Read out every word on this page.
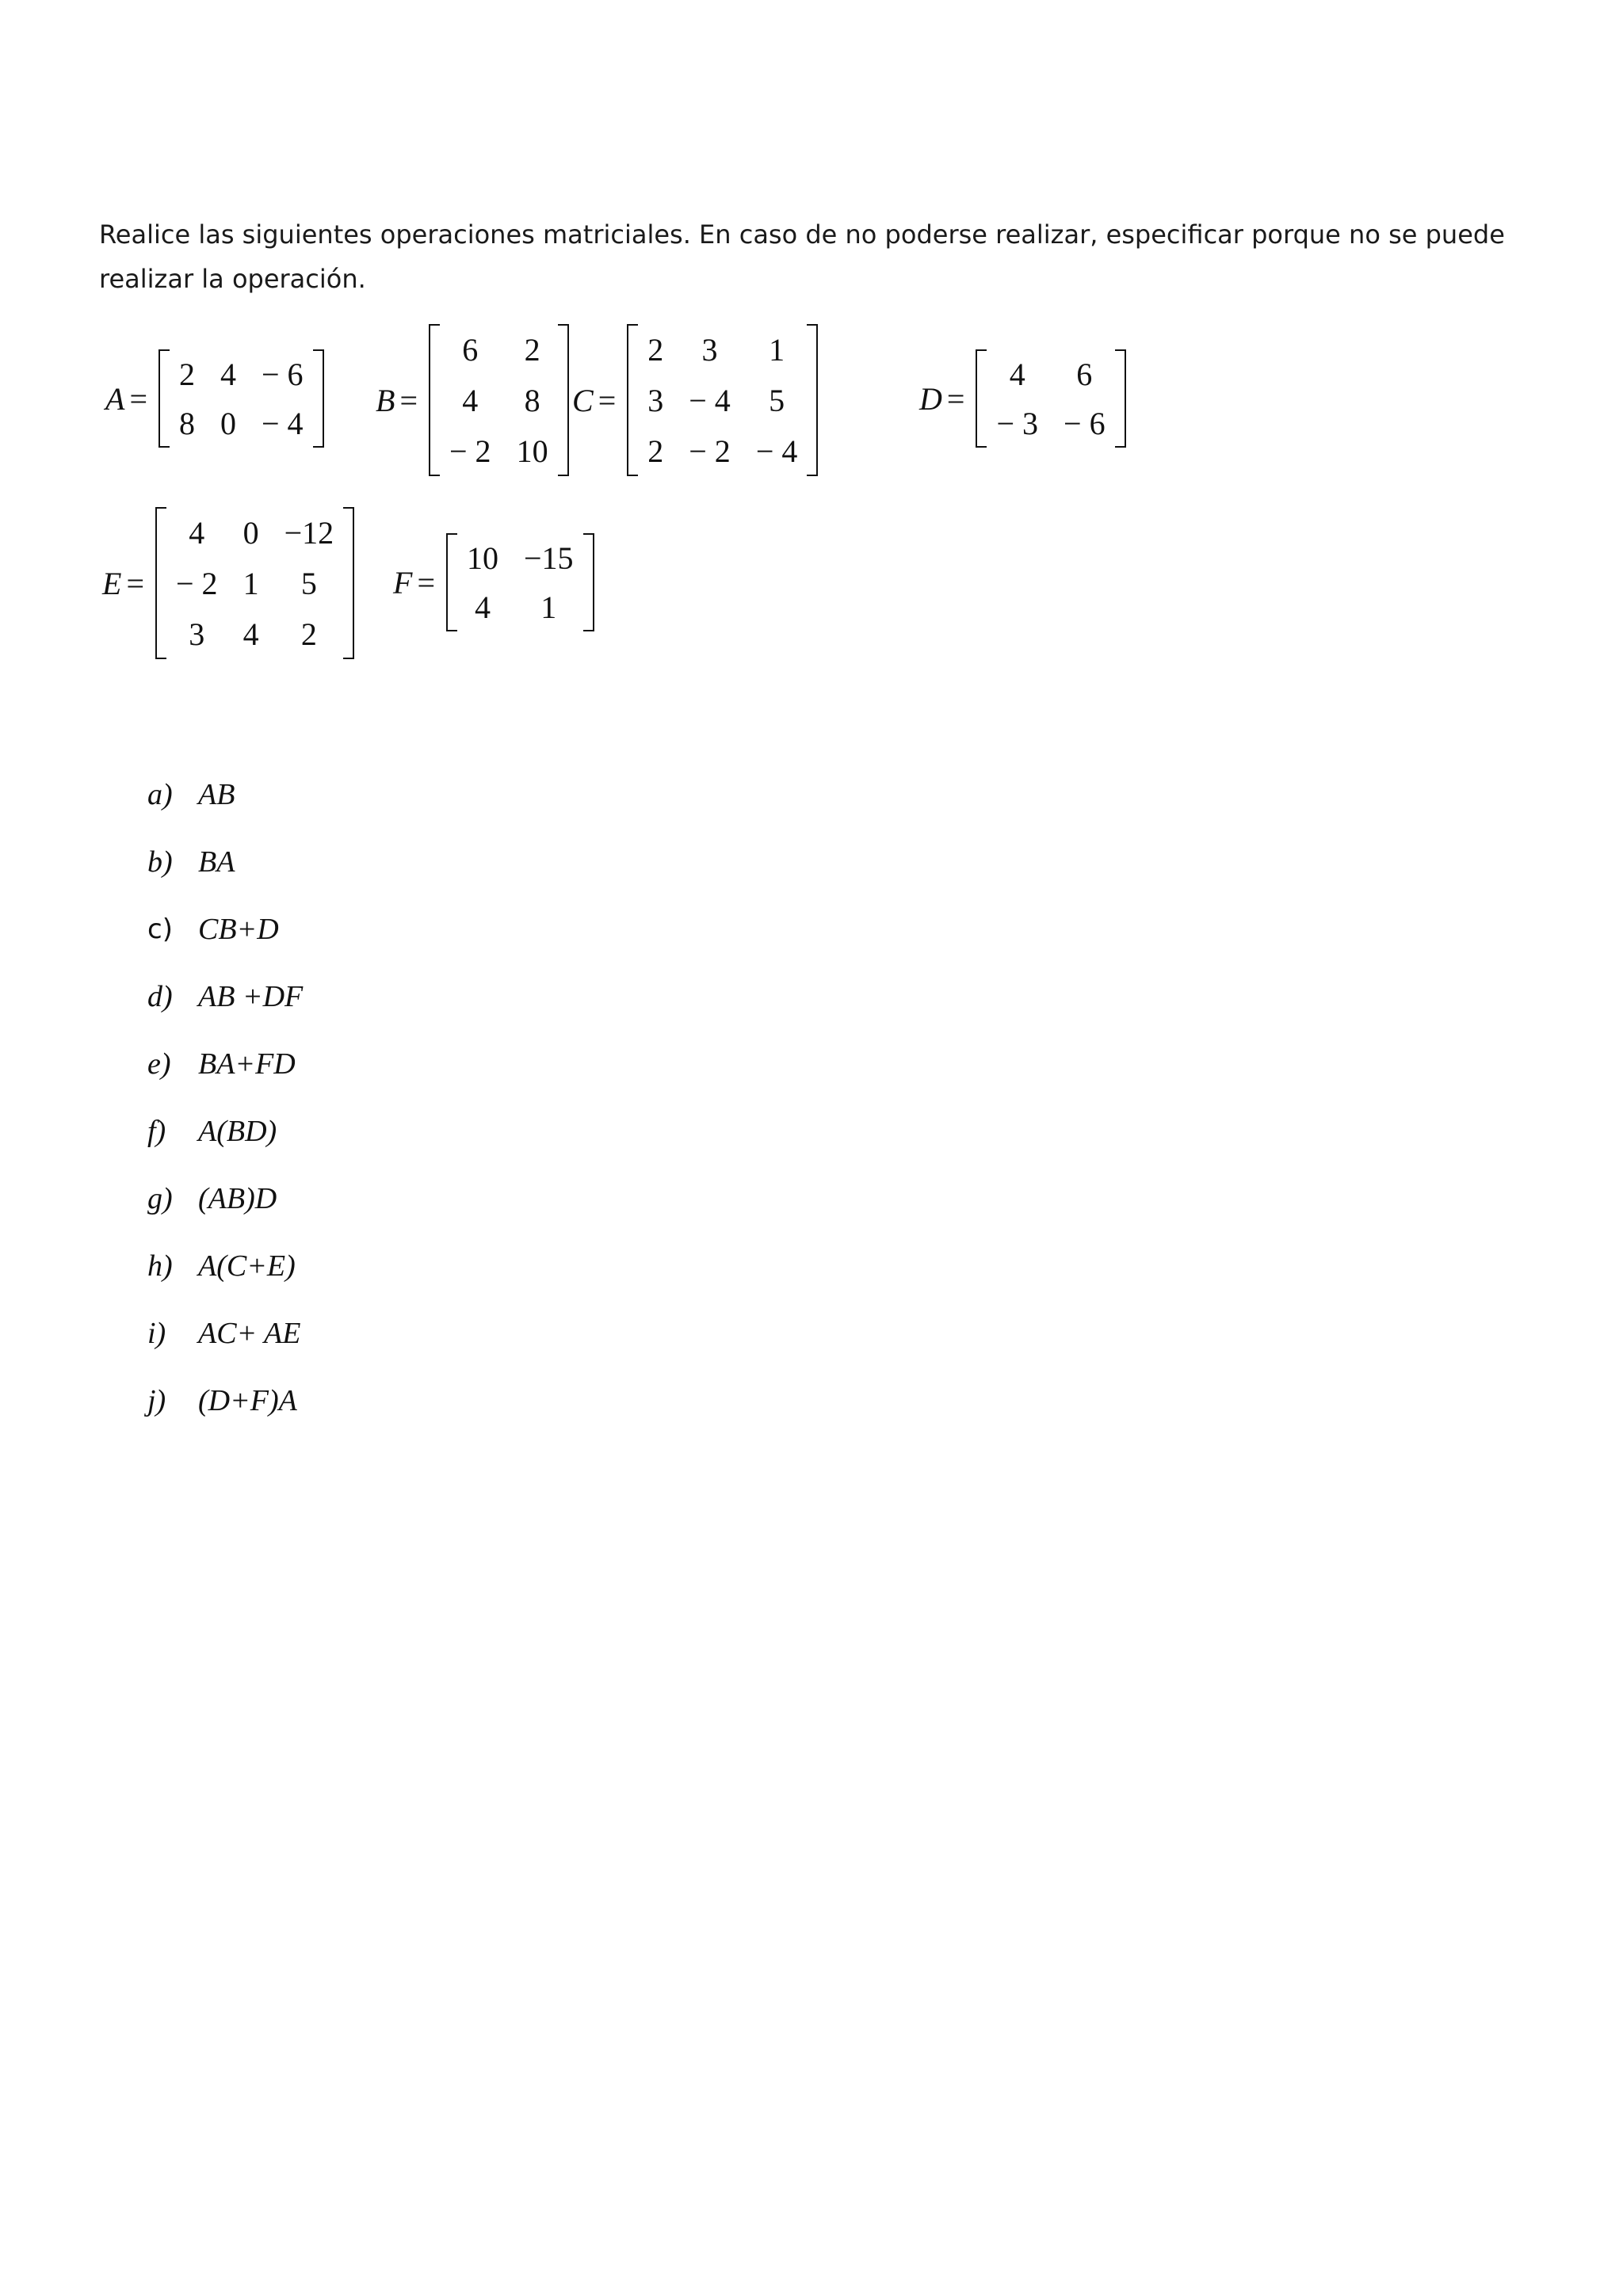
Realice las siguientes operaciones matriciales. En caso de no poderse realizar, especificar porque no se puede

realizar la operación.

A =
2	4	− 6
8	0	− 4
B =
6	2
4	8
− 2	10
C =
2	3	1
3	− 4	5
2	− 2	− 4
D =
4	6
− 3	− 6
E =
4	0	−12
− 2	1	5
3	4	2
F =
10	−15
4	1
a) AB
b) BA
c) CB+D
d) AB +DF
e) BA+FD
f)	A(BD)
g) (AB)D
h) A(C+E)
i)	AC+ AE
j)	(D+F)A
